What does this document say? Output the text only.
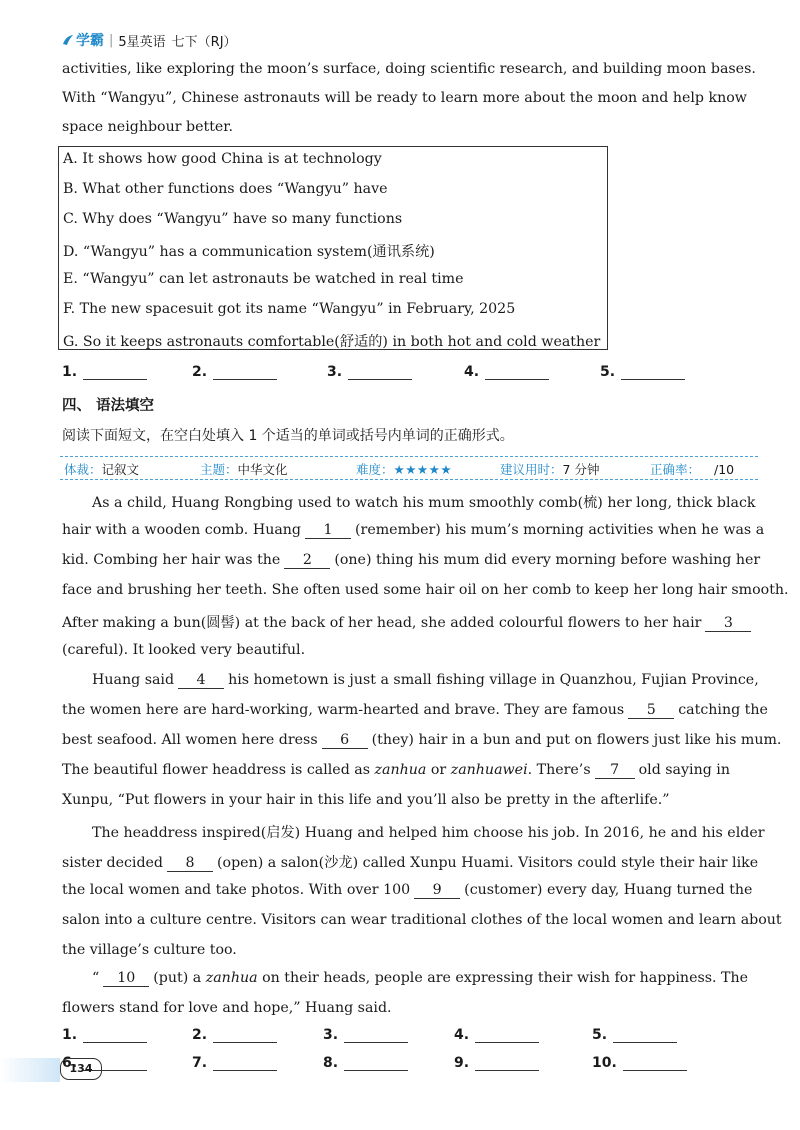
学霸 | 5星英语 七下（RJ）
activities, like exploring the moon’s surface, doing scientific research, and building moon bases.
With “Wangyu”, Chinese astronauts will be ready to learn more about the moon and help know
space neighbour better.
A. It shows how good China is at technology
B. What other functions does “Wangyu” have
C. Why does “Wangyu” have so many functions
D. “Wangyu” has a communication system(通讯系统)
E. “Wangyu” can let astronauts be watched in real time
F. The new spacesuit got its name “Wangyu” in February, 2025
G. So it keeps astronauts comfortable(舒适的) in both hot and cold weather
1.	2.	3.	4.	5.
四、 语法填空
阅读下面短文，在空白处填入 1 个适当的单词或括号内单词的正确形式。
体裁：记叙文	主题：中华文化	难度：★★★★★	建议用时：7 分钟	正确率： /10
As a child, Huang Rongbing used to watch his mum smoothly comb(梳) her long, thick black
hair with a wooden comb. Huang 1 (remember) his mum’s morning activities when he was a
kid. Combing her hair was the 2 (one) thing his mum did every morning before washing her
face and brushing her teeth. She often used some hair oil on her comb to keep her long hair smooth.
After making a bun(圆髻) at the back of her head, she added colourful flowers to her hair 3
(careful). It looked very beautiful.
Huang said 4 his hometown is just a small fishing village in Quanzhou, Fujian Province,
the women here are hard-working, warm-hearted and brave. They are famous 5 catching the
best seafood. All women here dress 6 (they) hair in a bun and put on flowers just like his mum.
The beautiful flower headdress is called as zanhua or zanhuawei. There’s 7 old saying in
Xunpu, “Put flowers in your hair in this life and you’ll also be pretty in the afterlife.”
The headdress inspired(启发) Huang and helped him choose his job. In 2016, he and his elder
sister decided 8 (open) a salon(沙龙) called Xunpu Huami. Visitors could style their hair like
the local women and take photos. With over 100 9 (customer) every day, Huang turned the
salon into a culture centre. Visitors can wear traditional clothes of the local women and learn about
the village’s culture too.
“ 10 (put) a zanhua on their heads, people are expressing their wish for happiness. The
flowers stand for love and hope,” Huang said.
1.	2.	3.	4.	5.
6.	7.	8.	9.	10.
134
